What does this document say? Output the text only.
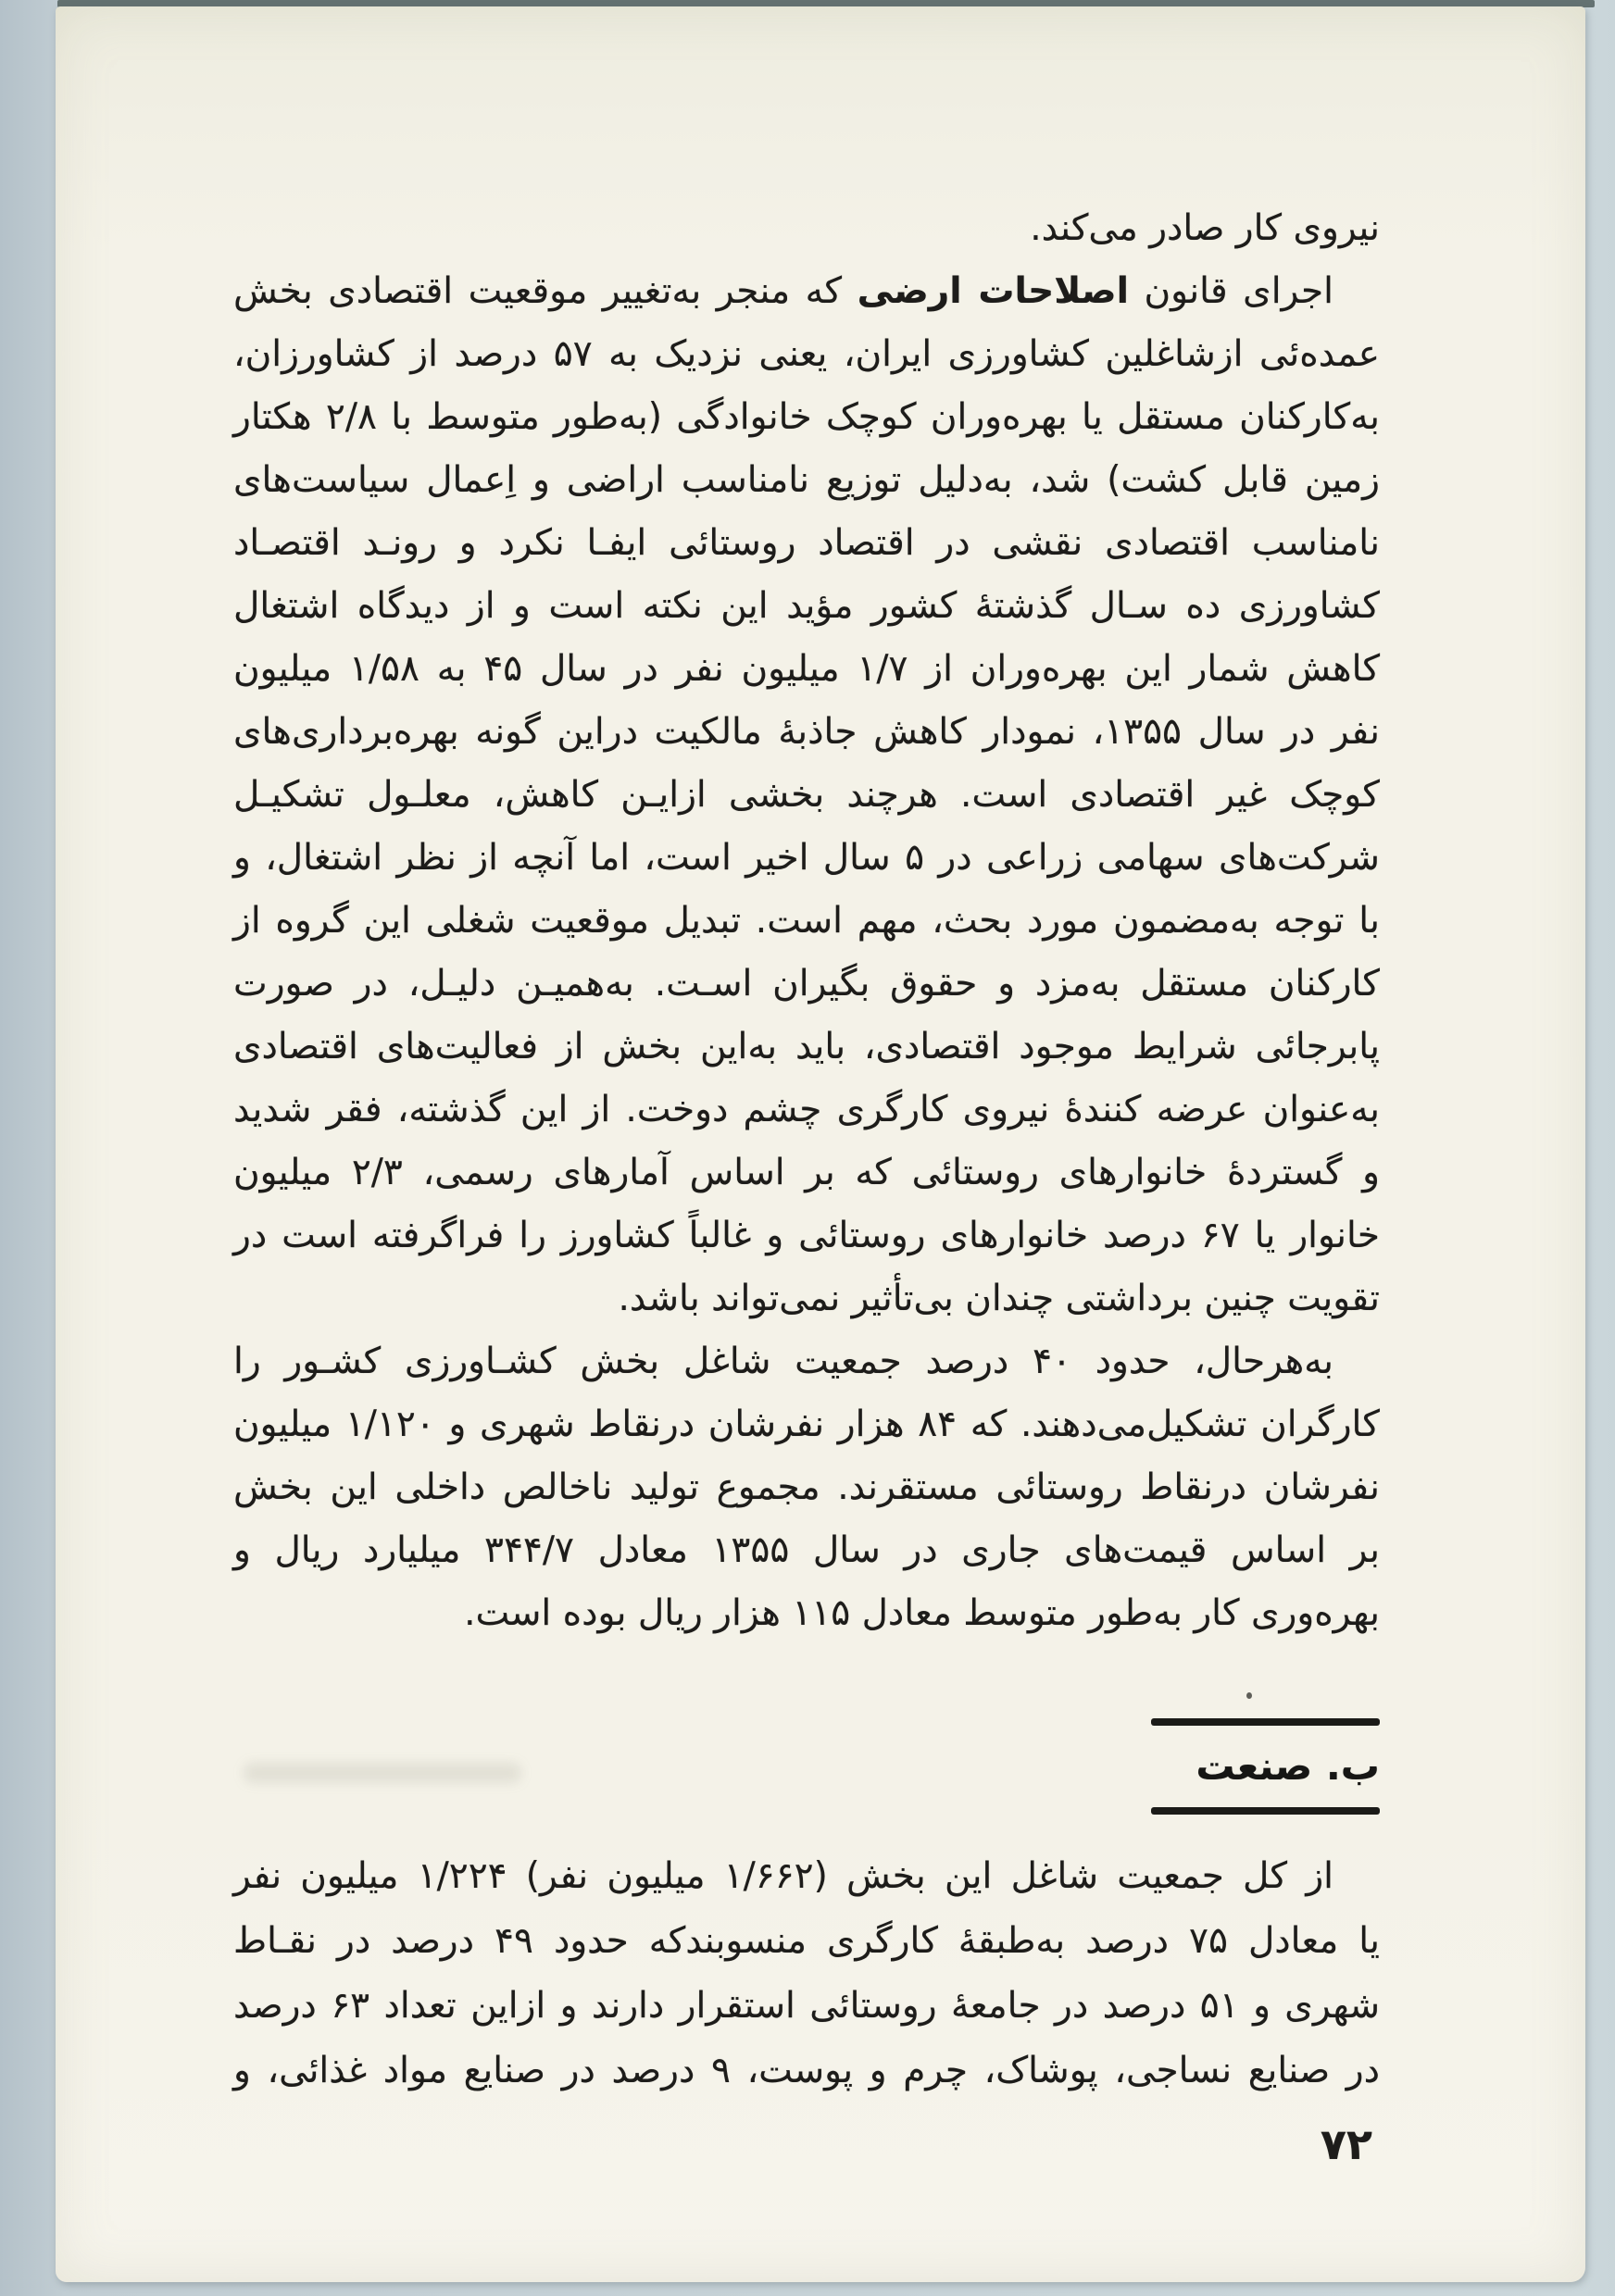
نیروی کار صادر می‌کند.
اجرای قانون اصلاحات ارضی که منجر به‌تغییر موقعیت اقتصادی بخش
عمده‌ئی ازشاغلین کشاورزی ایران، یعنی نزدیک به ۵۷ درصد از کشاورزان،
به‌کارکنان مستقل یا بهره‌وران کوچک خانوادگی (به‌طور متوسط با ۲/۸ هکتار
زمین قابل کشت) شد، به‌دلیل توزیع نامناسب اراضی و اِعمال سیاست‌های
نامناسب اقتصادی نقشی در اقتصاد روستائی ایفـا نکرد و رونـد اقتصـاد
کشاورزی ده سـال گذشتۀ کشور مؤید این نکته است و از دیدگاه اشتغال
کاهش شمار این بهره‌وران از ۱/۷ میلیون نفر در سال ۴۵ به ۱/۵۸ میلیون
نفر در سال ۱۳۵۵، نمودار کاهش جاذبۀ مالکیت دراین گونه بهره‌برداری‌های
کوچک غیر اقتصادی است. هرچند بخشی ازایـن کاهش، معلـول تشکیـل
شرکت‌های سهامی زراعی در ۵ سال اخیر است، اما آنچه از نظر اشتغال، و
با توجه به‌مضمون مورد بحث، مهم است. تبدیل موقعیت شغلی این گروه از
کارکنان مستقل به‌مزد و حقوق بگیران اسـت. به‌همیـن دلیـل، در صورت
پابرجائی شرایط موجود اقتصادی، باید به‌این بخش از فعالیت‌های اقتصادی
به‌عنوان عرضه کنندۀ نیروی کارگری چشم دوخت. از این گذشته، فقر شدید
و گستردۀ خانوارهای روستائی که بر اساس آمارهای رسمی، ۲/۳ میلیون
خانوار یا ۶۷ درصد خانوارهای روستائی و غالباً کشاورز را فراگرفته است در
تقویت چنین برداشتی چندان بی‌تأثیر نمی‌تواند باشد.
به‌هرحال، حدود ۴۰ درصد جمعیت شاغل بخش کشـاورزی کشـور را
کارگران تشکیل‌می‌دهند. که ۸۴ هزار نفرشان درنقاط شهری و ۱/۱۲۰ میلیون
نفرشان درنقاط روستائی مستقرند. مجموع تولید ناخالص داخلی این بخش
بر اساس قیمت‌های جاری در سال ۱۳۵۵ معادل ۳۴۴/۷ میلیارد ریال و
بهره‌وری کار به‌طور متوسط معادل ۱۱۵ هزار ریال بوده است.
ب. صنعت
از کل جمعیت شاغل این بخش (۱/۶۶۲ میلیون نفر) ۱/۲۲۴ میلیون نفر
یا معادل ۷۵ درصد به‌طبقۀ کارگری منسوبندکه حدود ۴۹ درصد در نقـاط
شهری و ۵۱ درصد در جامعۀ روستائی استقرار دارند و ازاین تعداد ۶۳ درصد
در صنایع نساجی، پوشاک، چرم و پوست، ۹ درصد در صنایع مواد غذائی، و
۷۲
